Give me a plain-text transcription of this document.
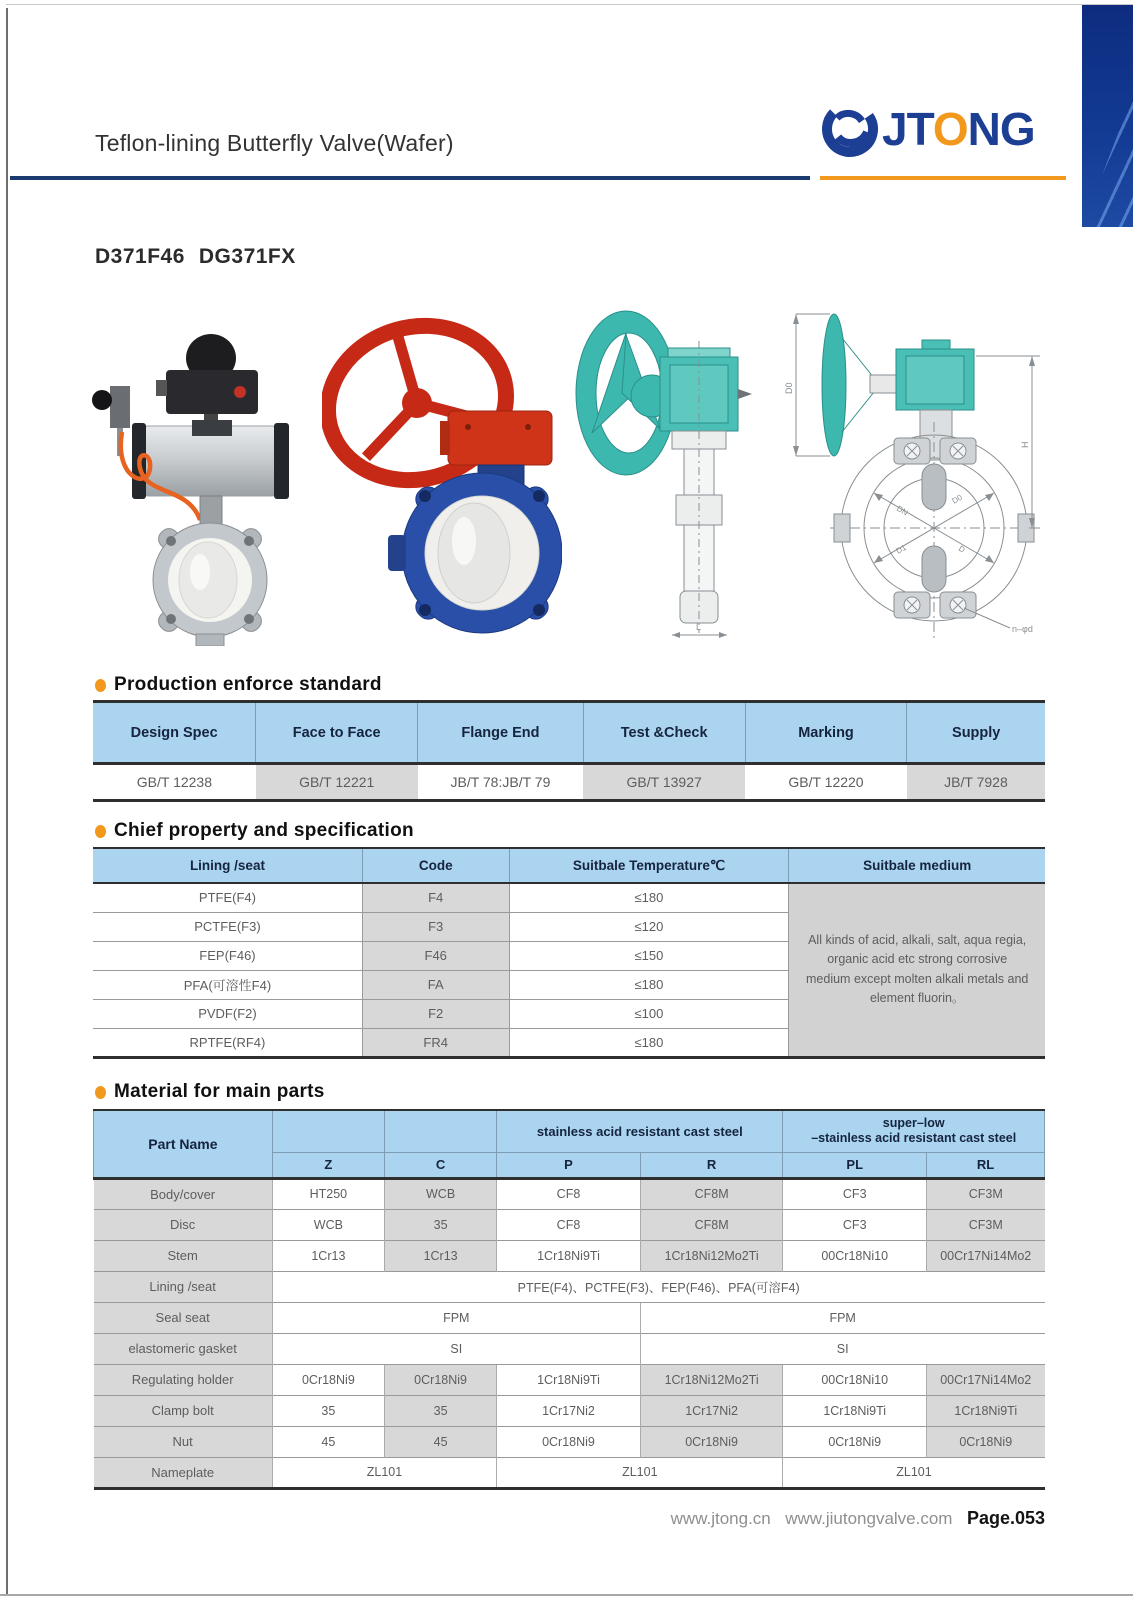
Teflon-lining Butterfly Valve(Wafer)	JTONG
D371F46 DG371FX
L
D0
H
DN
D0
D1	D
n–φd
Production enforce standard
Design Spec	Face to Face	Flange End	Test &Check	Marking	Supply
GB/T 12238	GB/T 12221	JB/T 78:JB/T 79	GB/T 13927	GB/T 12220	JB/T 7928
Chief property and specification
Lining /seat	Code	Suitbale Temperature℃	Suitbale medium
PTFE(F4)	F4	≤180	All kinds of acid, alkali, salt, aqua regia, organic acid etc strong corrosive medium except molten alkali metals and element fluorin。
PCTFE(F3)	F3	≤120	
FEP(F46)	F46	≤150	
PFA(可溶性F4)	FA	≤180	
PVDF(F2)	F2	≤100	
RPTFE(RF4)	FR4	≤180	
Material for main parts
Part Name			stainless acid resistant cast steel		super–low
–stainless acid resistant cast steel	

	Z	C	P	R	PL	RL
Body/cover	HT250	WCB	CF8	CF8M	CF3	CF3M
Disc	WCB	35	CF8	CF8M	CF3	CF3M
Stem	1Cr13	1Cr13	1Cr18Ni9Ti	1Cr18Ni12Mo2Ti	00Cr18Ni10	00Cr17Ni14Mo2
Lining /seat	PTFE(F4)、PCTFE(F3)、FEP(F46)、PFA(可溶F4)					
Seal seat	FPM			FPM		
elastomeric gasket	SI			SI		
Regulating holder	0Cr18Ni9	0Cr18Ni9	1Cr18Ni9Ti	1Cr18Ni12Mo2Ti	00Cr18Ni10	00Cr17Ni14Mo2
Clamp bolt	35	35	1Cr17Ni2	1Cr17Ni2	1Cr18Ni9Ti	1Cr18Ni9Ti
Nut	45	45	0Cr18Ni9	0Cr18Ni9	0Cr18Ni9	0Cr18Ni9
Nameplate	ZL101		ZL101		ZL101	
www.jtong.cn www.jiutongvalve.com Page.053
